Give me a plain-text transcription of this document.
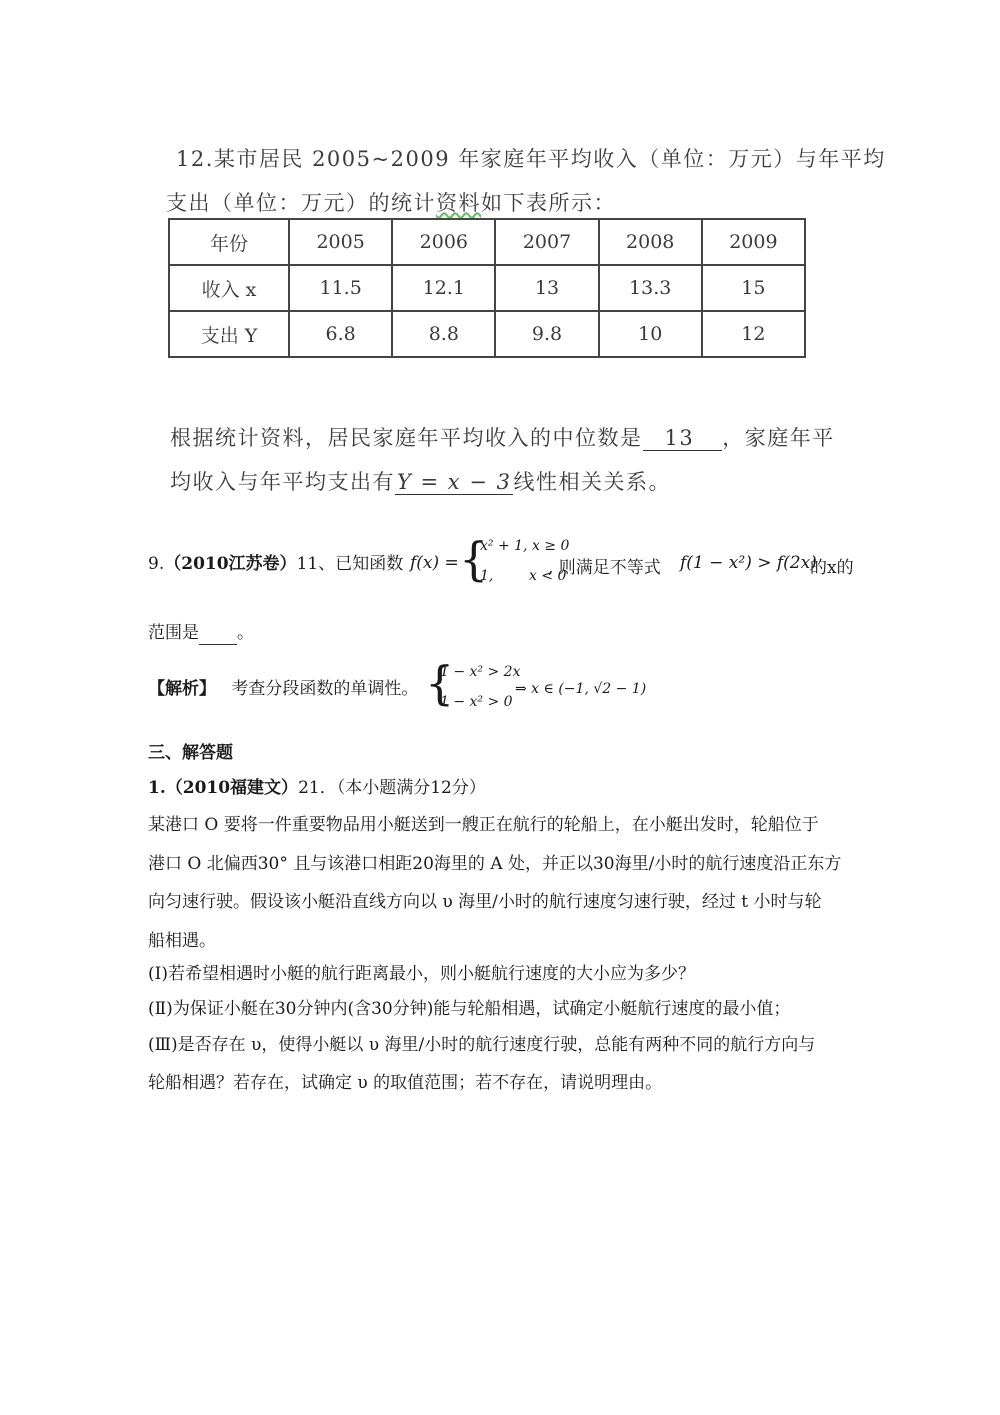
12.某市居民 2005~2009 年家庭年平均收入（单位：万元）与年平均
支出（单位：万元）的统计资料如下表所示：
年份	2005	2006	2007	2008	2009
收入 x	11.5	12.1	13	13.3	15
支出 Y	6.8	8.8	9.8	10	12
根据统计资料，居民家庭年平均收入的中位数是 13 ，家庭年平
均收入与年平均支出有Y = x − 3线性相关关系。
9.（2010江苏卷）11、已知函数 f(x) = {
x² + 1, x ≥ 0
1,        x < 0
, 则满足不等式 f(1 − x²) > f(2x)
的x的
范围是 。
【解析】 考查分段函数的单调性。 {
1 − x² > 2x
1 − x² > 0
⇒ x ∈ (−1, √2 − 1)
三、解答题
1.（2010福建文）21．（本小题满分12分）
某港口 O 要将一件重要物品用小艇送到一艘正在航行的轮船上，在小艇出发时，轮船位于
港口 O 北偏西30° 且与该港口相距20海里的 A 处，并正以30海里/小时的航行速度沿正东方
向匀速行驶。假设该小艇沿直线方向以 υ 海里/小时的航行速度匀速行驶，经过 t 小时与轮
船相遇。
(Ⅰ)若希望相遇时小艇的航行距离最小，则小艇航行速度的大小应为多少？
(Ⅱ)为保证小艇在30分钟内(含30分钟)能与轮船相遇，试确定小艇航行速度的最小值；
(Ⅲ)是否存在 υ，使得小艇以 υ 海里/小时的航行速度行驶，总能有两种不同的航行方向与
轮船相遇？若存在，试确定 υ 的取值范围；若不存在，请说明理由。
